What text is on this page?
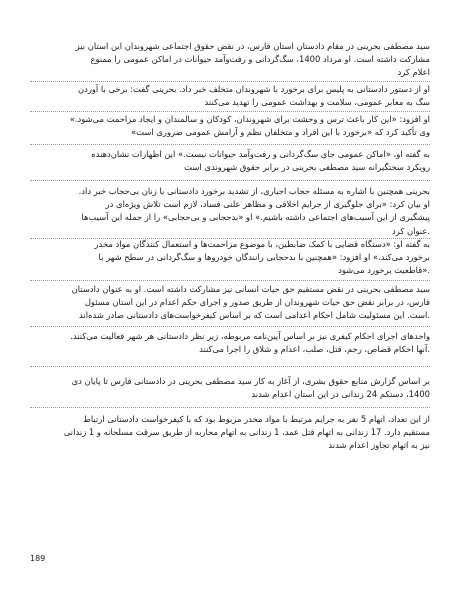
سید مصطفی بحرینی در مقام دادستان استان فارس، در نقض حقوق اجتماعی شهروندان این استان نیز
مشارکت داشته است. او مرداد 1400، سگ‌گردانی و رفت‌وآمد حیوانات در اماکن عمومی را ممنوع
اعلام کرد
او از دستور دادستانی به پلیس برای برخورد با شهروندان متخلف خبر داد. بحرینی گفت: برخی با آوردن
سگ به معابر عمومی، سلامت و بهداشت عمومی را تهدید می‌کنند
او افزود: «این کار باعث ترس و وحشت برای شهروندان، کودکان و سالمندان و ایجاد مزاحمت می‌شود.»
وی تأکید کرد که «برخورد با این افراد و متخلفان نظم و آرامش عمومی ضروری است»
به گفته او، «اماکن عمومی جای سگ‌گردانی و رفت‌وآمد حیوانات نیست.» این اظهارات نشان‌دهنده
رویکرد سختگیرانه سید مصطفی بحرینی در برابر حقوق شهروندی است
بحرینی همچنین با اشاره به مسئله حجاب اجباری، از تشدید برخورد دادستانی با زنان بی‌حجاب خبر داد.
او بیان کرد: «برای جلوگیری از جرایم اخلاقی و مظاهر علنی فساد، لازم است تلاش ویژه‌ای در
پیشگیری از این آسیب‌های اجتماعی داشته باشیم.» او «بدحجابی و بی‌حجابی» را از جمله این آسیب‌ها
.عنوان کرد
به گفته او: «دستگاه قضایی با کمک ضابطین، با موضوع مزاحمت‌ها و استعمال کنندگان مواد مخدر
برخورد می‌کند.» او افزود: «همچنین با بدحجابی رانندگان خودروها و سگ‌گردانی در سطح شهر با
.«قاطعیت برخورد می‌شود
سید مصطفی بحرینی در نقض مستقیم حق حیات انسانی نیز مشارکت داشته است. او به عنوان دادستان
فارس، در برابر نقض حق حیات شهروندان از طریق صدور و اجرای حکم اعدام در این استان مسئول
.است. این مسئولیت شامل احکام اعدامی است که بر اساس کیفرخواست‌های دادستانی صادر شده‌اند
واحدهای اجرای احکام کیفری نیز بر اساس آیین‌نامه مربوطه، زیر نظر دادستانی هر شهر فعالیت می‌کنند.
.آنها احکام قصاص، رجم، قتل، صلب، اعدام و شلاق را اجرا می‌کنند
بر اساس گزارش منابع حقوق بشری، از آغاز به کار سید مصطفی بحرینی در دادستانی فارس تا پایان دی
1400، دستکم 24 زندانی در این استان اعدام شدند
از این تعداد، اتهام 5 نفر به جرایم مرتبط با مواد مخدر مربوط بود که با کیفرخواست دادستانی ارتباط
مستقیم دارد. 17 زندانی به اتهام قتل عمد، 1 زندانی به اتهام محاربه از طریق سرقت مسلحانه و 1 زندانی
نیز به اتهام تجاوز اعدام شدند
189
